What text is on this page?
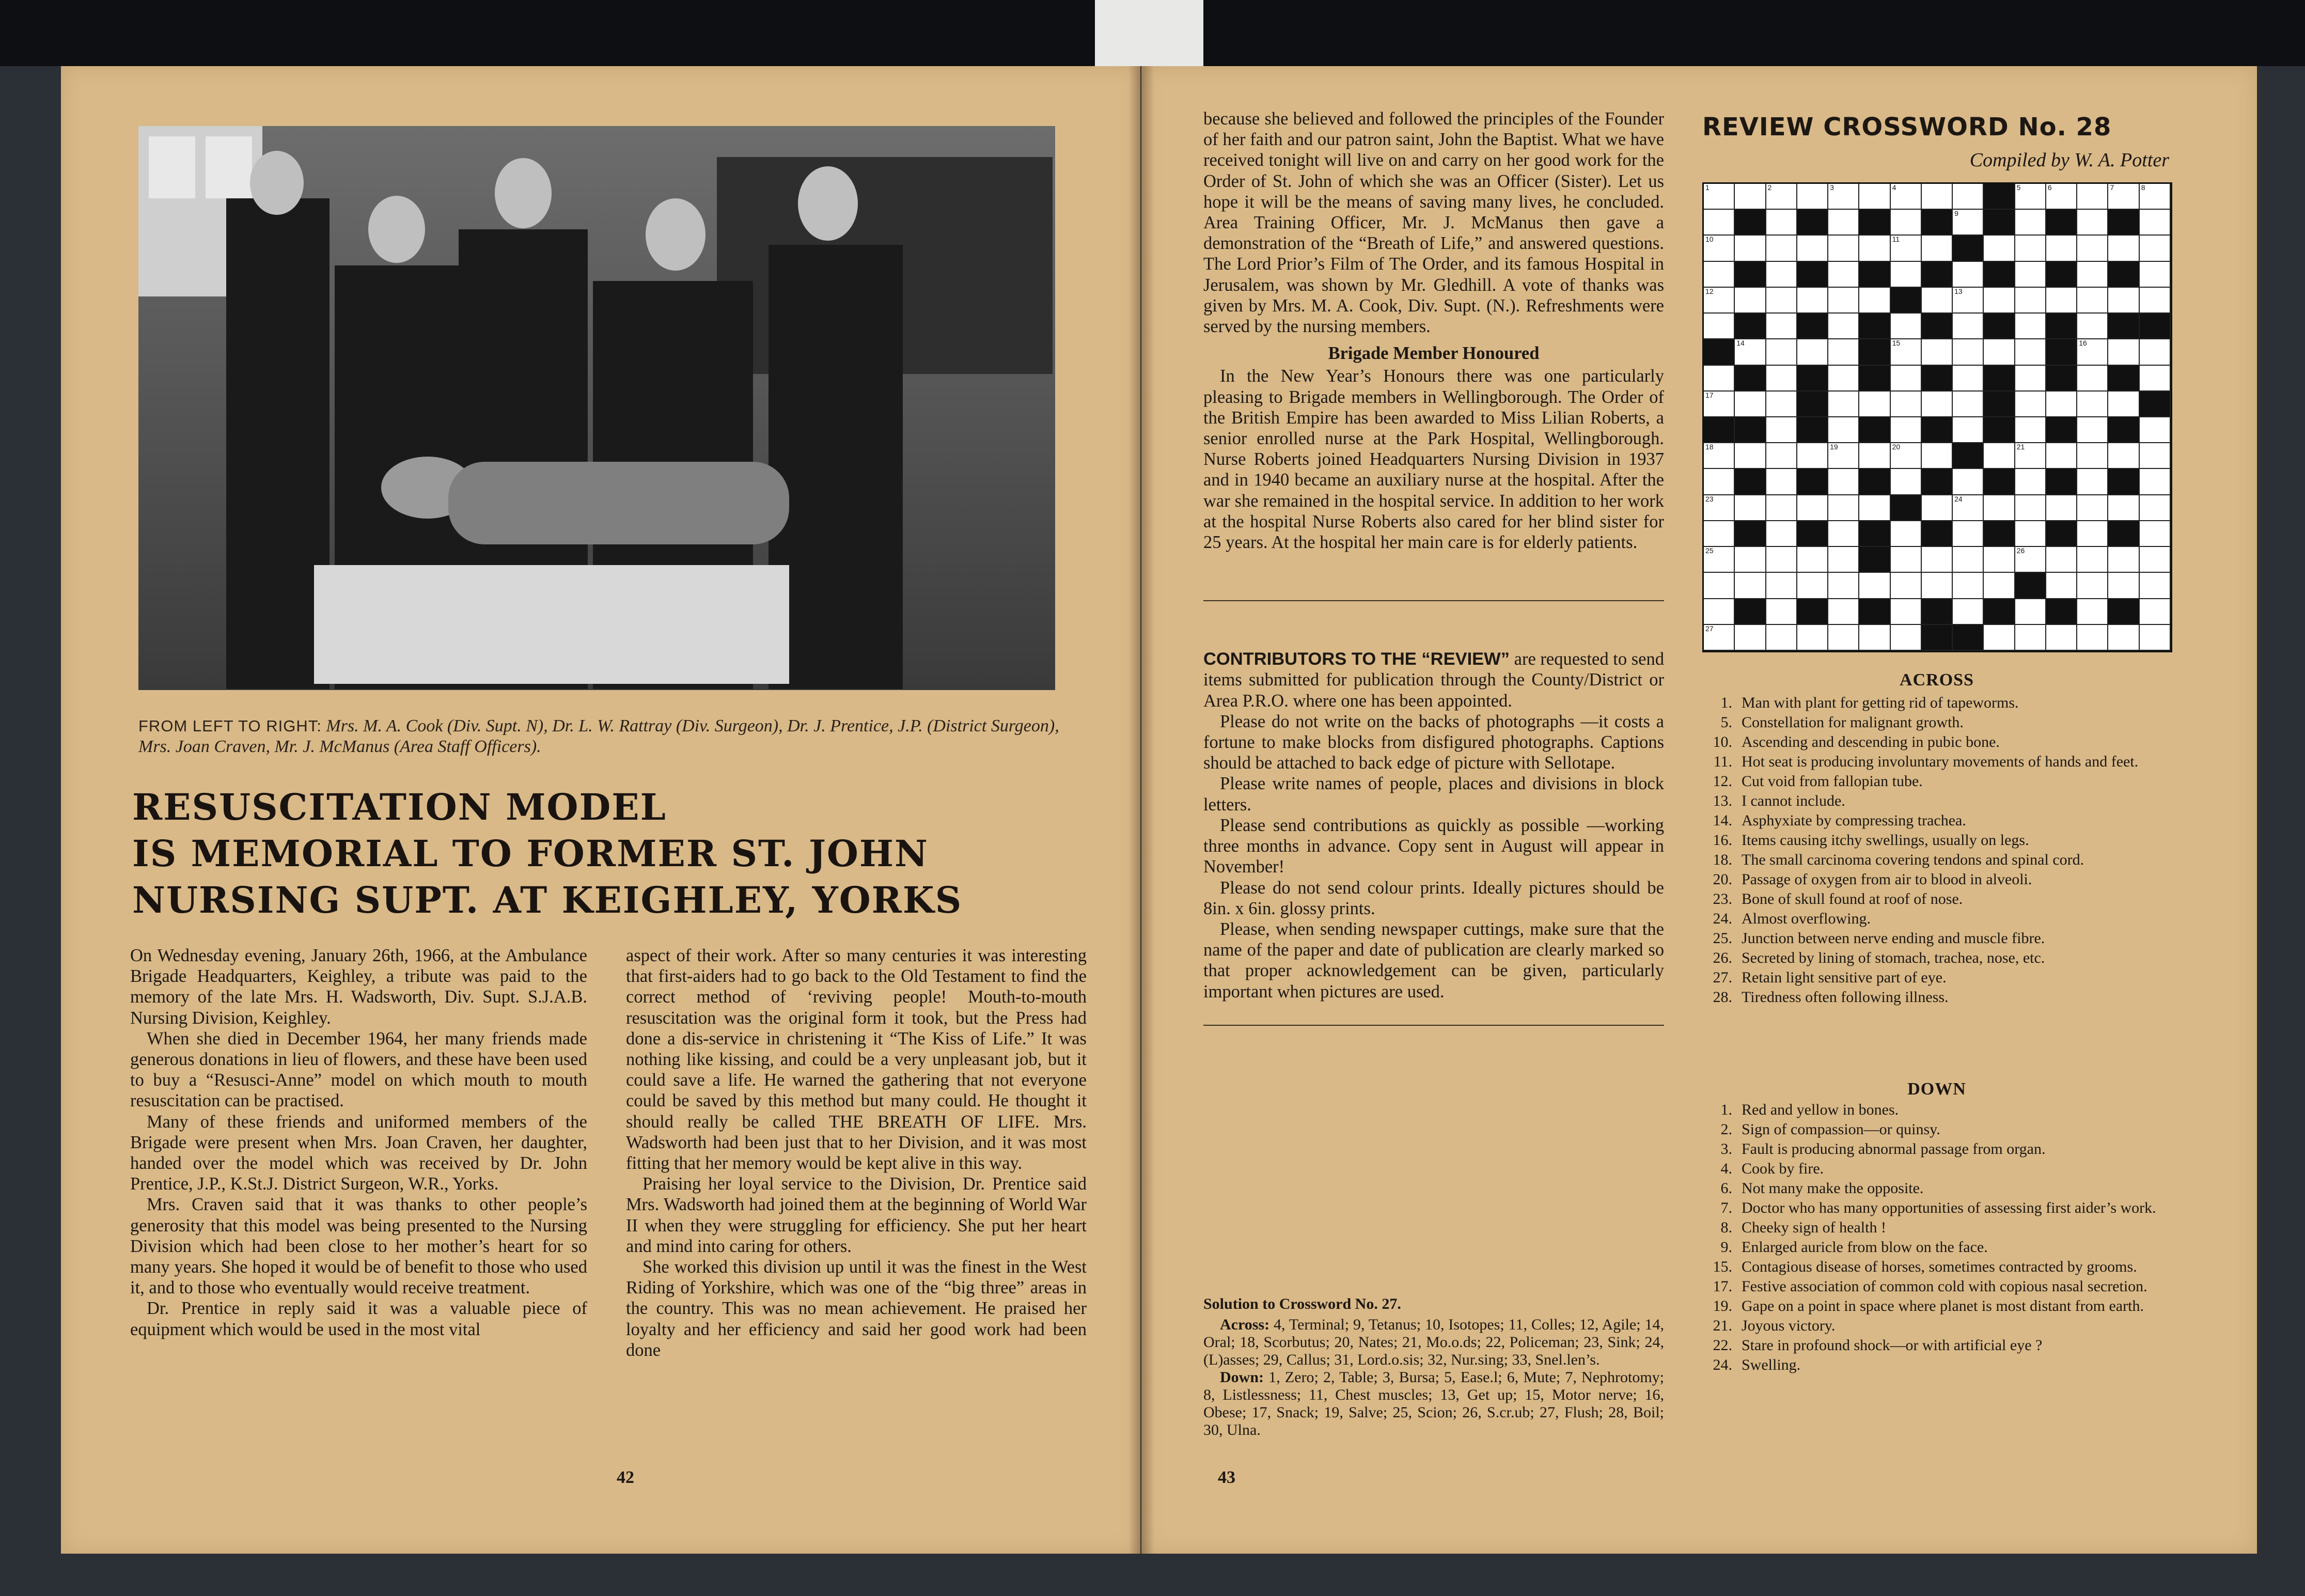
FROM LEFT TO RIGHT: Mrs. M. A. Cook (Div. Supt. N), Dr. L. W. Rattray (Div. Surgeon), Dr. J. Prentice, J.P. (District Surgeon), Mrs. Joan Craven, Mr. J. McManus (Area Staff Officers).
RESUSCITATION MODEL
IS MEMORIAL TO FORMER ST. JOHN
NURSING SUPT. AT KEIGHLEY, YORKS

On Wednesday evening, January 26th, 1966, at the Ambulance Brigade Headquarters, Keighley, a tribute was paid to the memory of the late Mrs. H. Wadsworth, Div. Supt. S.J.A.B. Nursing Division, Keighley.

When she died in December 1964, her many friends made generous donations in lieu of flowers, and these have been used to buy a “Resusci-Anne” model on which mouth to mouth resuscitation can be practised.

Many of these friends and uniformed members of the Brigade were present when Mrs. Joan Craven, her daughter, handed over the model which was received by Dr. John Prentice, J.P., K.St.J. District Surgeon, W.R., Yorks.

Mrs. Craven said that it was thanks to other people’s generosity that this model was being presented to the Nursing Division which had been close to her mother’s heart for so many years. She hoped it would be of benefit to those who used it, and to those who eventually would receive treatment.

Dr. Prentice in reply said it was a valuable piece of equipment which would be used in the most vital

aspect of their work. After so many centuries it was interesting that first-aiders had to go back to the Old Testament to find the correct method of ‘reviving people! Mouth-to-mouth resuscitation was the original form it took, but the Press had done a dis-service in christening it “The Kiss of Life.” It was nothing like kissing, and could be a very unpleasant job, but it could save a life. He warned the gathering that not everyone could be saved by this method but many could. He thought it should really be called THE BREATH OF LIFE. Mrs. Wadsworth had been just that to her Division, and it was most fitting that her memory would be kept alive in this way.

Praising her loyal service to the Division, Dr. Prentice said Mrs. Wadsworth had joined them at the beginning of World War II when they were struggling for efficiency. She put her heart and mind into caring for others.

She worked this division up until it was the finest in the West Riding of Yorkshire, which was one of the “big three” areas in the country. This was no mean achievement. He praised her loyalty and her efficiency and said her good work had been done

42

because she believed and followed the principles of the Founder of her faith and our patron saint, John the Baptist. What we have received tonight will live on and carry on her good work for the Order of St. John of which she was an Officer (Sister). Let us hope it will be the means of saving many lives, he concluded. Area Training Officer, Mr. J. McManus then gave a demonstration of the “Breath of Life,” and answered questions. The Lord Prior’s Film of The Order, and its famous Hospital in Jerusalem, was shown by Mr. Gledhill. A vote of thanks was given by Mrs. M. A. Cook, Div. Supt. (N.). Refreshments were served by the nursing members.

Brigade Member Honoured

In the New Year’s Honours there was one particularly pleasing to Brigade members in Wellingborough. The Order of the British Empire has been awarded to Miss Lilian Roberts, a senior enrolled nurse at the Park Hospital, Wellingborough. Nurse Roberts joined Headquarters Nursing Division in 1937 and in 1940 became an auxiliary nurse at the hospital. After the war she remained in the hospital service. In addition to her work at the hospital Nurse Roberts also cared for her blind sister for 25 years. At the hospital her main care is for elderly patients.

CONTRIBUTORS TO THE “REVIEW” are requested to send items submitted for publication through the County/District or Area P.R.O. where one has been appointed.

Please do not write on the backs of photographs —it costs a fortune to make blocks from disfigured photographs. Captions should be attached to back edge of picture with Sellotape.

Please write names of people, places and divisions in block letters.

Please send contributions as quickly as possible —working three months in advance. Copy sent in August will appear in November!

Please do not send colour prints. Ideally pictures should be 8in. x 6in. glossy prints.

Please, when sending newspaper cuttings, make sure that the name of the paper and date of publication are clearly marked so that proper acknowledgement can be given, particularly important when pictures are used.

Solution to Crossword No. 27.

Across: 4, Terminal; 9, Tetanus; 10, Isotopes; 11, Colles; 12, Agile; 14, Oral; 18, Scorbutus; 20, Nates; 21, Mo.o.ds; 22, Policeman; 23, Sink; 24, (L)asses; 29, Callus; 31, Lord.o.sis; 32, Nur.sing; 33, Snel.len’s.

Down: 1, Zero; 2, Table; 3, Bursa; 5, Ease.l; 6, Mute; 7, Nephrotomy; 8, Listlessness; 11, Chest muscles; 13, Get up; 15, Motor nerve; 16, Obese; 17, Snack; 19, Salve; 25, Scion; 26, S.cr.ub; 27, Flush; 28, Boil; 30, Ulna.

43
REVIEW CROSSWORD No. 28
Compiled by W. A. Potter
1	2	3	4	5	6	7	8
9
10	11
12	13
14	15	16
17
18	19	20	21
23	24
25	26
27
ACROSS
1. Man with plant for getting rid of tapeworms.
5. Constellation for malignant growth.
10. Ascending and descending in pubic bone.
11. Hot seat is producing involuntary movements of hands and feet.
12. Cut void from fallopian tube.
13. I cannot include.
14. Asphyxiate by compressing trachea.
16. Items causing itchy swellings, usually on legs.
18. The small carcinoma covering tendons and spinal cord.
20. Passage of oxygen from air to blood in alveoli.
23. Bone of skull found at roof of nose.
24. Almost overflowing.
25. Junction between nerve ending and muscle fibre.
26. Secreted by lining of stomach, trachea, nose, etc.
27. Retain light sensitive part of eye.
28. Tiredness often following illness.
DOWN
1. Red and yellow in bones.
2. Sign of compassion—or quinsy.
3. Fault is producing abnormal passage from organ.
4. Cook by fire.
6. Not many make the opposite.
7. Doctor who has many opportunities of assessing first aider’s work.
8. Cheeky sign of health !
9. Enlarged auricle from blow on the face.
15. Contagious disease of horses, sometimes contracted by grooms.
17. Festive association of common cold with copious nasal secretion.
19. Gape on a point in space where planet is most distant from earth.
21. Joyous victory.
22. Stare in profound shock—or with artificial eye ?
24. Swelling.
